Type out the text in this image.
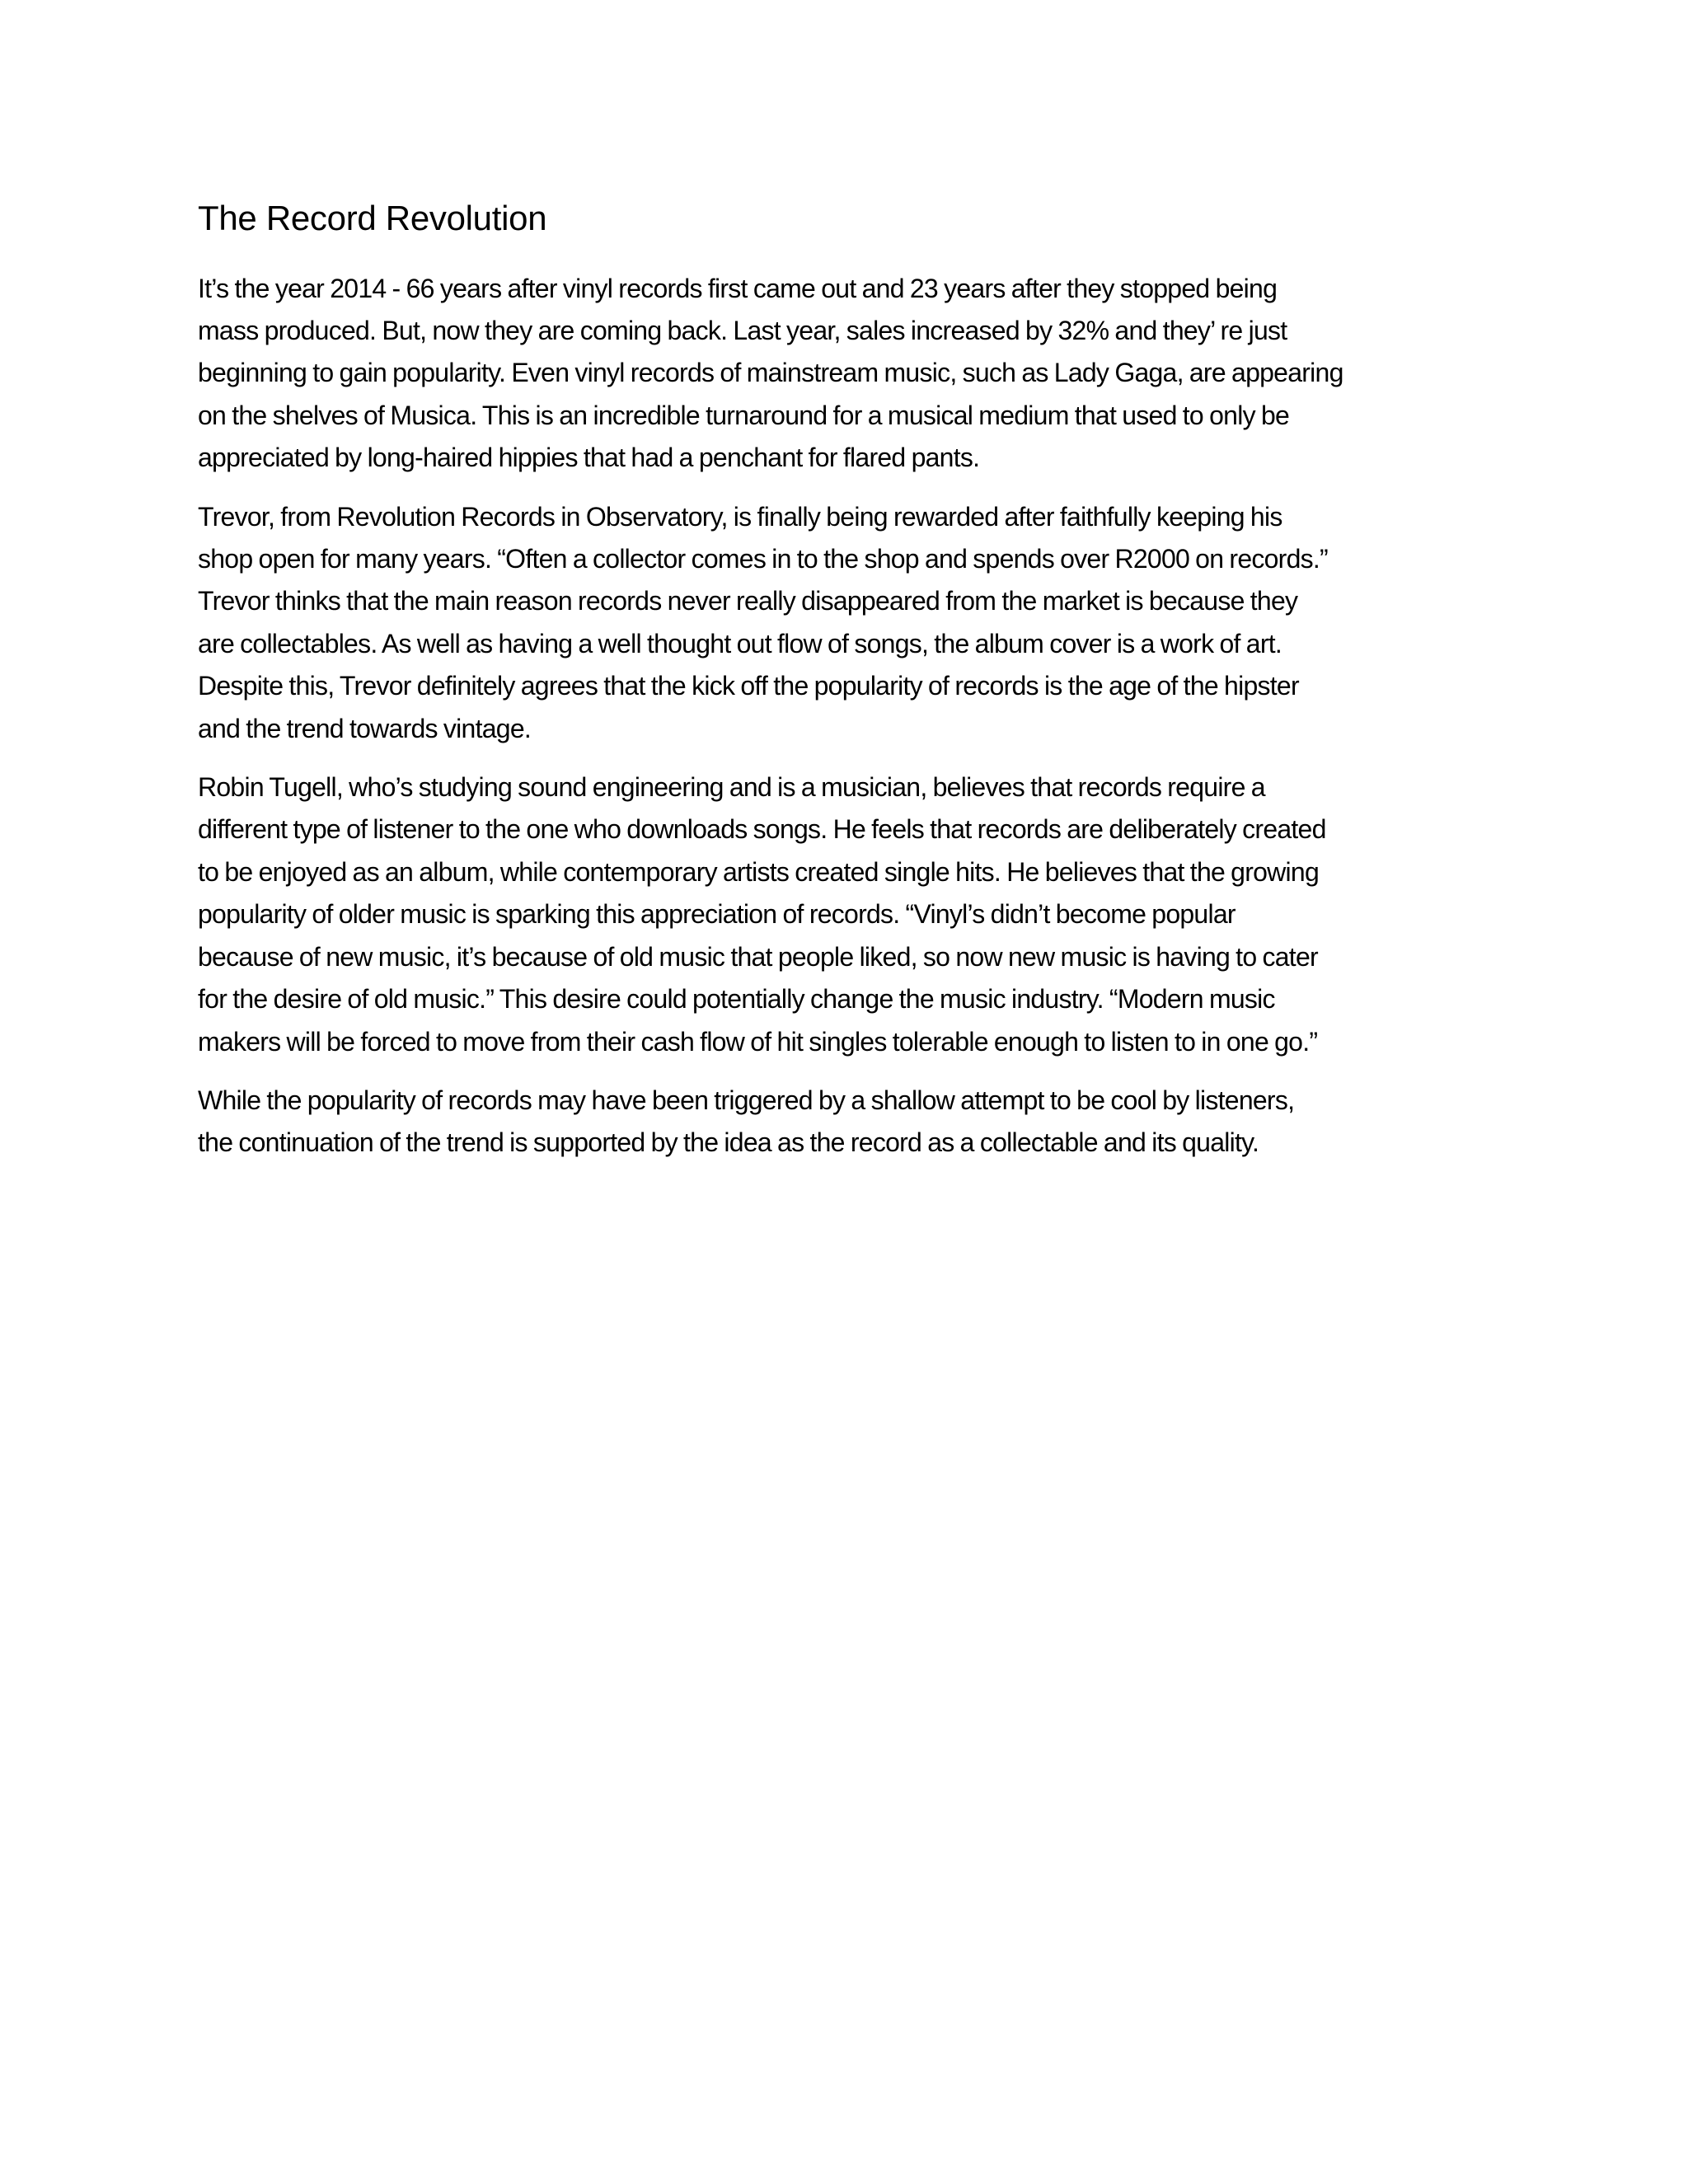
The Record Revolution

It’s the year 2014 - 66 years after vinyl records first came out and 23 years after they stopped being
mass produced. But, now they are coming back. Last year, sales increased by 32% and they’ re just
beginning to gain popularity. Even vinyl records of mainstream music, such as Lady Gaga, are appearing
on the shelves of Musica. This is an incredible turnaround for a musical medium that used to only be
appreciated by long-haired hippies that had a penchant for flared pants.

Trevor, from Revolution Records in Observatory, is finally being rewarded after faithfully keeping his
shop open for many years. “Often a collector comes in to the shop and spends over R2000 on records.”
Trevor thinks that the main reason records never really disappeared from the market is because they
are collectables. As well as having a well thought out flow of songs, the album cover is a work of art.
Despite this, Trevor definitely agrees that the kick off the popularity of records is the age of the hipster
and the trend towards vintage.

Robin Tugell, who’s studying sound engineering and is a musician, believes that records require a
different type of listener to the one who downloads songs. He feels that records are deliberately created
to be enjoyed as an album, while contemporary artists created single hits. He believes that the growing
popularity of older music is sparking this appreciation of records. “Vinyl’s didn’t become popular
because of new music, it’s because of old music that people liked, so now new music is having to cater
for the desire of old music.” This desire could potentially change the music industry. “Modern music
makers will be forced to move from their cash flow of hit singles tolerable enough to listen to in one go.”

While the popularity of records may have been triggered by a shallow attempt to be cool by listeners,
the continuation of the trend is supported by the idea as the record as a collectable and its quality.
